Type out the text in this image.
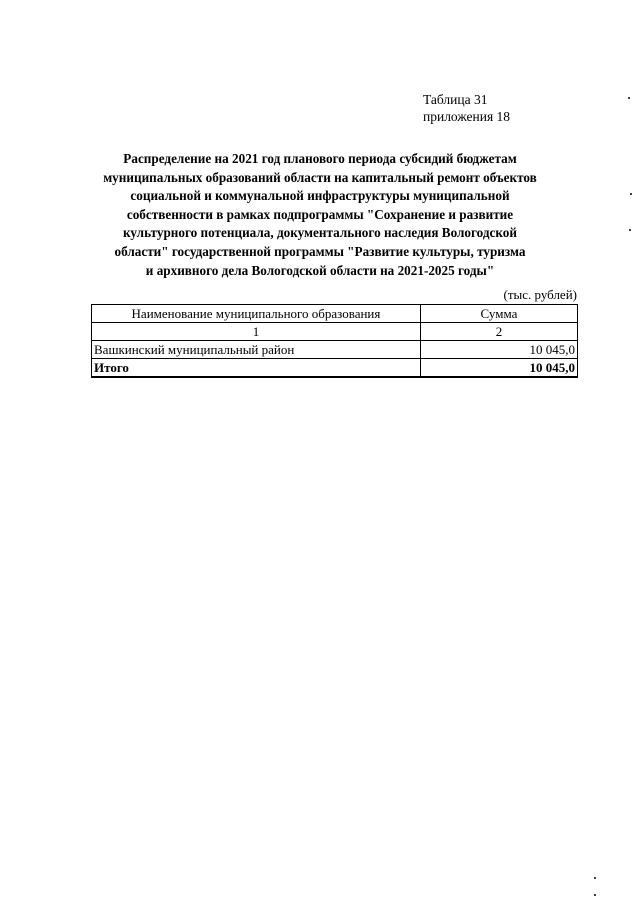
Таблица 31
приложения 18
Распределение на 2021 год планового периода субсидий бюджетам
муниципальных образований области на капитальный ремонт объектов
социальной и коммунальной инфраструктуры муниципальной
собственности в рамках подпрограммы "Сохранение и развитие
культурного потенциала, документального наследия Вологодской
области" государственной программы "Развитие культуры, туризма
и архивного дела Вологодской области на 2021-2025 годы"
(тыс. рублей)
Наименование муниципального образования	Сумма
1	2
Вашкинский муниципальный район	10 045,0
Итого	10 045,0
